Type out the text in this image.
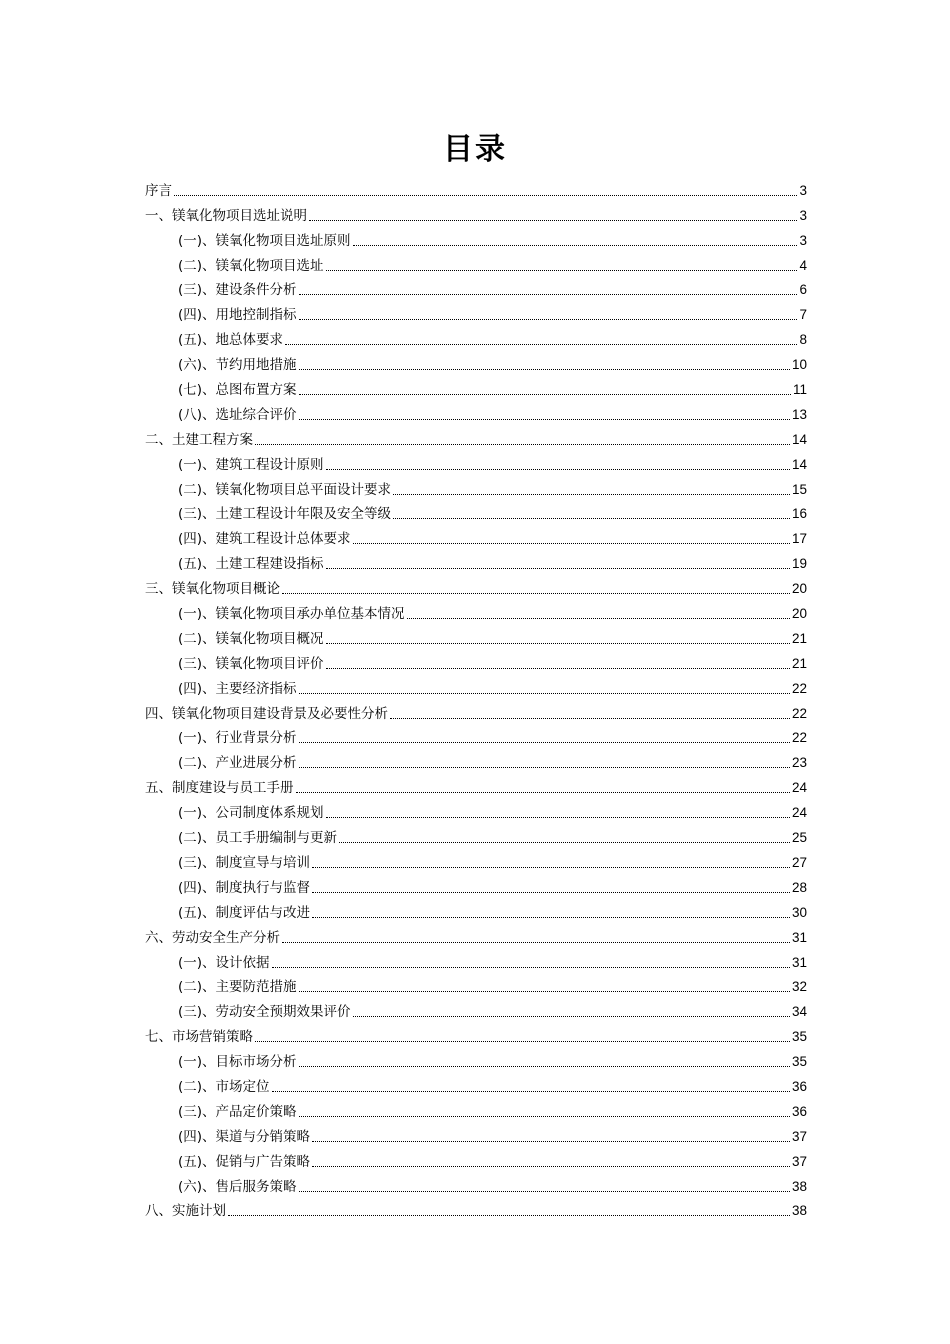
目录
序言	3
一、镁氧化物项目选址说明	3
(一)、镁氧化物项目选址原则	3
(二)、镁氧化物项目选址	4
(三)、建设条件分析	6
(四)、用地控制指标	7
(五)、地总体要求	8
(六)、节约用地措施	10
(七)、总图布置方案	11
(八)、选址综合评价	13
二、土建工程方案	14
(一)、建筑工程设计原则	14
(二)、镁氧化物项目总平面设计要求	15
(三)、土建工程设计年限及安全等级	16
(四)、建筑工程设计总体要求	17
(五)、土建工程建设指标	19
三、镁氧化物项目概论	20
(一)、镁氧化物项目承办单位基本情况	20
(二)、镁氧化物项目概况	21
(三)、镁氧化物项目评价	21
(四)、主要经济指标	22
四、镁氧化物项目建设背景及必要性分析	22
(一)、行业背景分析	22
(二)、产业进展分析	23
五、制度建设与员工手册	24
(一)、公司制度体系规划	24
(二)、员工手册编制与更新	25
(三)、制度宣导与培训	27
(四)、制度执行与监督	28
(五)、制度评估与改进	30
六、劳动安全生产分析	31
(一)、设计依据	31
(二)、主要防范措施	32
(三)、劳动安全预期效果评价	34
七、市场营销策略	35
(一)、目标市场分析	35
(二)、市场定位	36
(三)、产品定价策略	36
(四)、渠道与分销策略	37
(五)、促销与广告策略	37
(六)、售后服务策略	38
八、实施计划	38
